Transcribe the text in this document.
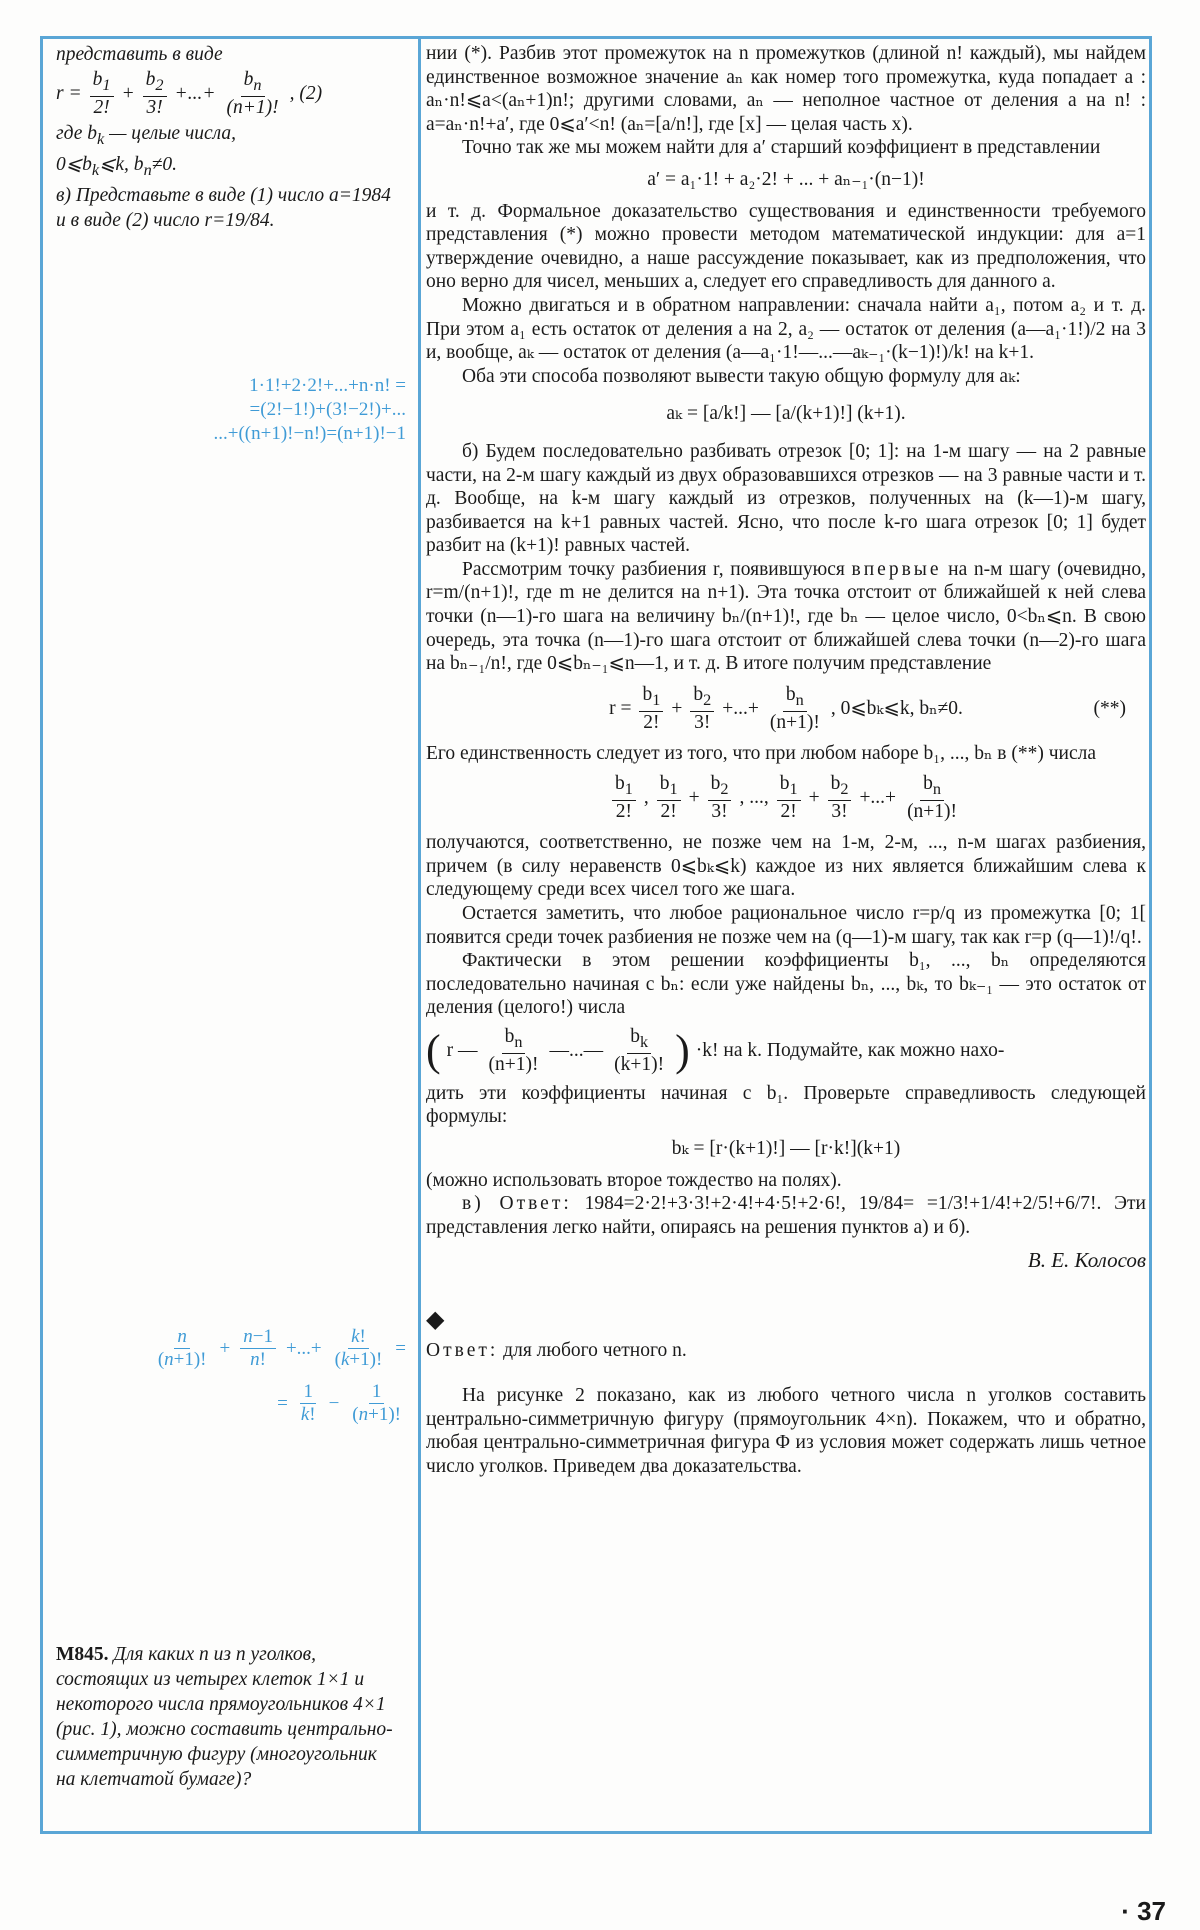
представить в виде
$r = \frac{b_1}{2!} + \frac{b_2}{3!}$ +...+ $\frac{b_n}{(n+1)!}$ , (2)
где $b_k$ — целые числа,
$0⩽b_k⩽k$, $b_n\ne 0$.
в) Представьте в виде (1) число a=1984 и в виде (2) число r=19/84.
1·1!+2·2!+...+n·n! =
=(2!−1!)+(3!−2!)+...
...+((n+1)!−n!)=(n+1)!−1
$\frac{n}{(n+1)!} + \frac{n-1}{n!}$ +...+ $\frac{k!}{(k+1)!}$ =
= $\frac{1}{k!} - \frac{1}{(n+1)!}$

нии (*). Разбив этот промежуток на n промежутков (длиной n! каждый), мы найдем единственное возможное значение aₙ как номер того промежутка, куда попадает a : aₙ·n!⩽a<(aₙ+1)n!; другими словами, aₙ — неполное частное от деления a на n! : a=aₙ·n!+a′, где 0⩽a′<n! (aₙ=[a/n!], где [x] — целая часть x).

Точно так же мы можем найти для a′ старший коэффициент в представлении

a′ = a₁·1! + a₂·2! + ... + aₙ₋₁·(n−1)!

и т. д. Формальное доказательство существования и единственности требуемого представления (*) можно провести методом математической индукции: для a=1 утверждение очевидно, а наше рассуждение показывает, как из предположения, что оно верно для чисел, меньших a, следует его справедливость для данного a.

Можно двигаться и в обратном направлении: сначала найти a₁, потом a₂ и т. д. При этом a₁ есть остаток от деления a на 2, a₂ — остаток от деления (a—a₁·1!)/2 на 3 и, вообще, aₖ — остаток от деления (a—a₁·1!—...—aₖ₋₁·(k−1)!)/k! на k+1.

Оба эти способа позволяют вывести такую общую формулу для aₖ:

aₖ = [a/k!] — [a/(k+1)!] (k+1).

б) Будем последовательно разбивать отрезок [0; 1]: на 1-м шагу — на 2 равные части, на 2-м шагу каждый из двух образовавшихся отрезков — на 3 равные части и т. д. Вообще, на k-м шагу каждый из отрезков, полученных на (k—1)-м шагу, разбивается на k+1 равных частей. Ясно, что после k-го шага отрезок [0; 1] будет разбит на (k+1)! равных частей.

Рассмотрим точку разбиения r, появившуюся впервые на n-м шагу (очевидно, r=m/(n+1)!, где m не делится на n+1). Эта точка отстоит от ближайшей к ней слева точки (n—1)-го шага на величину bₙ/(n+1)!, где bₙ — целое число, 0<bₙ⩽n. В свою очередь, эта точка (n—1)-го шага отстоит от ближайшей слева точки (n—2)-го шага на bₙ₋₁/n!, где 0⩽bₙ₋₁⩽n—1, и т. д. В итоге получим представление

$r = \frac{b_1}{2!} + \frac{b_2}{3!}$ +...+ $\frac{b_n}{(n+1)!}$ , 0⩽bₖ⩽k, bₙ≠0.	(**)

Его единственность следует из того, что при любом наборе b₁, ..., bₙ в (**) числа

$\frac{b_1}{2!}$ , $\frac{b_1}{2!} + \frac{b_2}{3!}$ , ..., $\frac{b_1}{2!} + \frac{b_2}{3!}$ +...+ $\frac{b_n}{(n+1)!}$

получаются, соответственно, не позже чем на 1-м, 2-м, ..., n-м шагах разбиения, причем (в силу неравенств 0⩽bₖ⩽k) каждое из них является ближайшим слева к следующему среди всех чисел того же шага.

Остается заметить, что любое рациональное число r=p/q из промежутка [0; 1[ появится среди точек разбиения не позже чем на (q—1)-м шагу, так как r=p (q—1)!/q!.

Фактически в этом решении коэффициенты b₁, ..., bₙ определяются последовательно начиная с bₙ: если уже найдены bₙ, ..., bₖ, то bₖ₋₁ — это остаток от деления (целого!) числа

( r — $\frac{b_n}{(n+1)!}$ —...— $\frac{b_k}{(k+1)!}$ ) ·k! на k. Подумайте, как можно нахо-

дить эти коэффициенты начиная с b₁. Проверьте справедливость следующей формулы:

bₖ = [r·(k+1)!] — [r·k!](k+1)

(можно использовать второе тождество на полях).

в) Ответ: 1984=2·2!+3·3!+2·4!+4·5!+2·6!, 19/84= =1/3!+1/4!+2/5!+6/7!. Эти представления легко найти, опираясь на решения пунктов а) и б).

В. Е. Колосов
◆

Ответ: для любого четного n.

На рисунке 2 показано, как из любого четного числа n уголков составить центрально-симметричную фигуру (прямоугольник 4×n). Покажем, что и обратно, любая центрально-симметричная фигура Φ из условия может содержать лишь четное число уголков. Приведем два доказательства.

M845. Для каких n из n уголков, состоящих из четырех клеток 1×1 и некоторого числа прямоугольников 4×1 (рис. 1), можно составить центрально-симметричную фигуру (многоугольник на клетчатой бумаге)?
· 37
